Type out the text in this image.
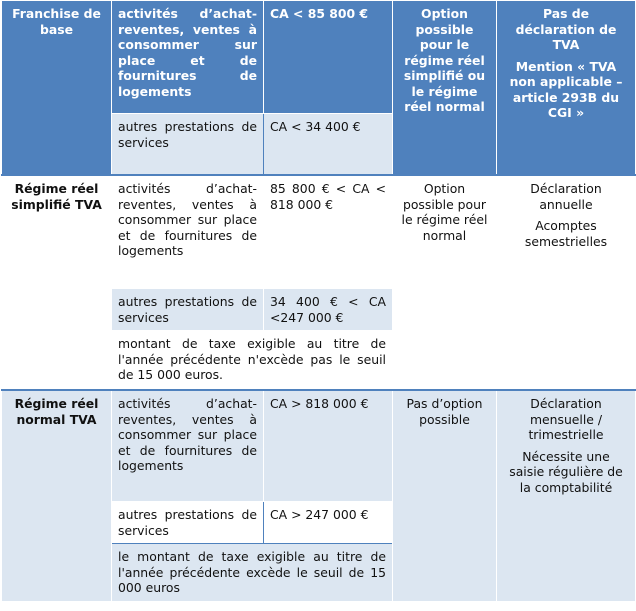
Franchise de base	activités d’achat-reventes, ventes à consommer sur place et de fournitures de logements	CA < 85 800 €	Option possible pour le régime réel simplifié ou le régime réel normal	Pas de déclaration de TVA

Mention « TVA non applicable – article 293B du CGI »

	autres prestations de services	CA < 34 400 €		
Régime réel simplifié TVA	activités d’achat-reventes, ventes à consommer sur place et de fournitures de logements	85 800 € < CA < 818 000 €	Option possible pour le régime réel normal	Déclaration annuelle

Acomptes semestrielles

	autres prestations de services	34 400 € < CA <247 000 €		
	montant de taxe exigible au titre de l'année précédente n'excède pas le seuil de 15 000 euros.			
Régime réel normal TVA	activités d’achat-reventes, ventes à consommer sur place et de fournitures de logements	CA > 818 000 €	Pas d’option possible	Déclaration mensuelle / trimestrielle

Nécessite une saisie régulière de la comptabilité

	autres prestations de services	CA > 247 000 €		
	le montant de taxe exigible au titre de l'année précédente excède le seuil de 15 000 euros			
